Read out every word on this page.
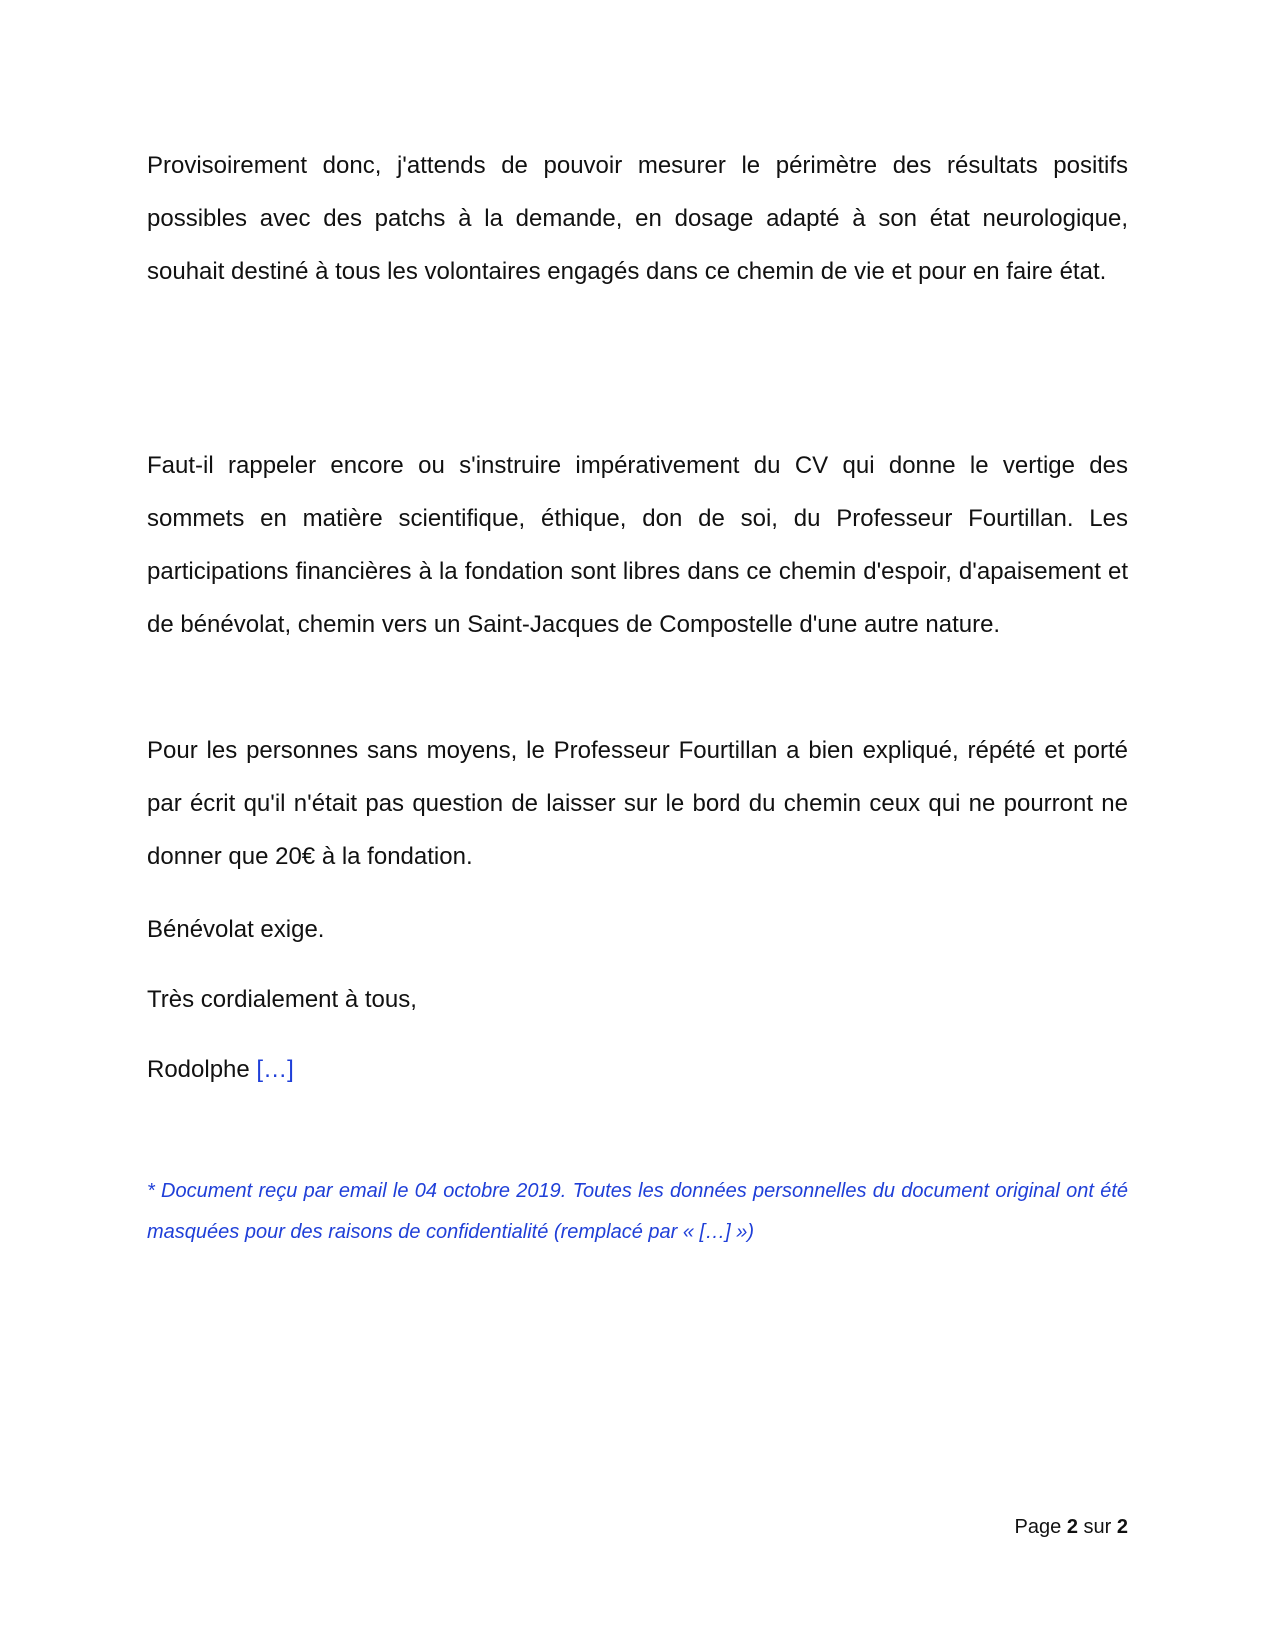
Provisoirement donc, j'attends de pouvoir mesurer le périmètre des résultats positifs possibles avec des patchs à la demande, en dosage adapté à son état neurologique, souhait destiné à tous les volontaires engagés dans ce chemin de vie et pour en faire état.

Faut-il rappeler encore ou s'instruire impérativement du CV qui donne le vertige des sommets en matière scientifique, éthique, don de soi, du Professeur Fourtillan. Les participations financières à la fondation sont libres dans ce chemin d'espoir, d'apaisement et de bénévolat, chemin vers un Saint-Jacques de Compostelle d'une autre nature.

Pour les personnes sans moyens, le Professeur Fourtillan a bien expliqué, répété et porté par écrit qu'il n'était pas question de laisser sur le bord du chemin ceux qui ne pourront ne donner que 20€ à la fondation.

Bénévolat exige.

Très cordialement à tous,

Rodolphe […]

* Document reçu par email le 04 octobre 2019. Toutes les données personnelles du document original ont été masquées pour des raisons de confidentialité (remplacé par « […] »)

Page 2 sur 2
